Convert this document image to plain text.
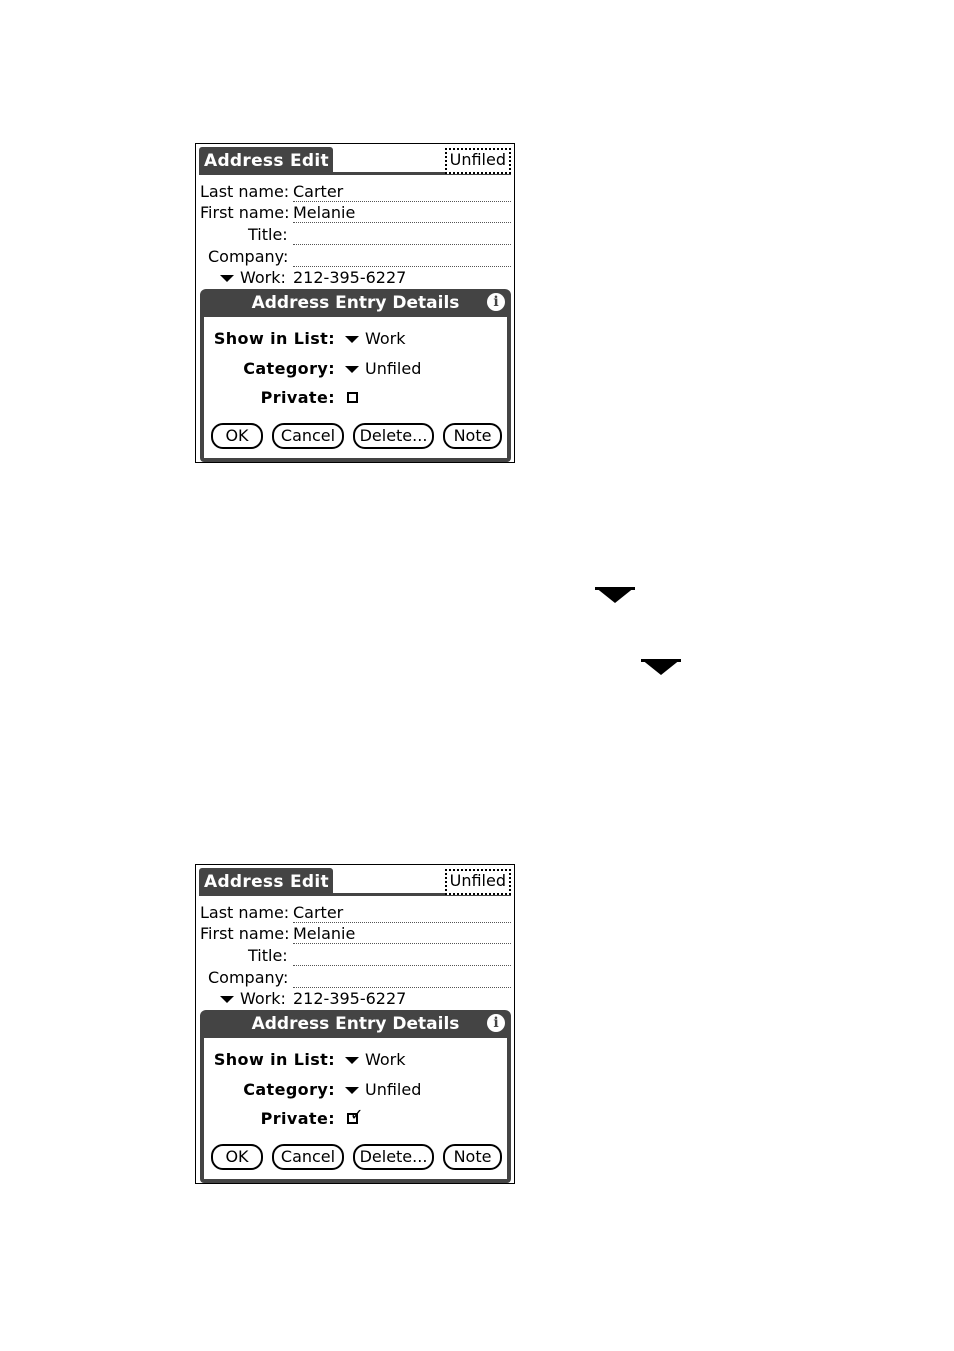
Address Edit	Unfiled
Last name: Carter
First name: Melanie
Title:
Company:
Work: 212-395-6227
Address Entry Details	i
Show in List:	Work
Category:	Unfiled
Private:
OK	Cancel	Delete...	Note
Address Edit	Unfiled
Last name: Carter
First name: Melanie
Title:
Company:
Work: 212-395-6227
Address Entry Details	i
Show in List:	Work
Category:	Unfiled
Private: ✓
OK	Cancel	Delete...	Note
